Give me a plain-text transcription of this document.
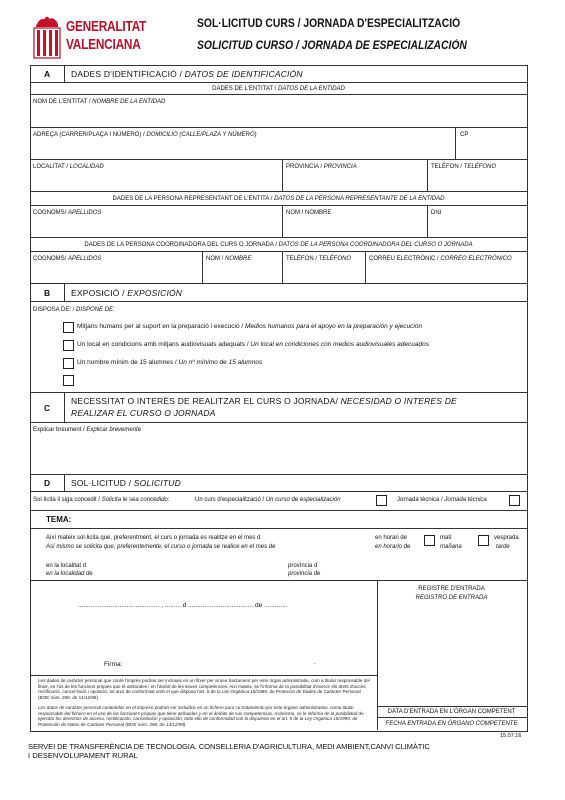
GENERALITAT
VALENCIANA
SOL·LICITUD CURS / JORNADA D'ESPECIALITZACIÓ
SOLICITUD CURSO / JORNADA DE ESPECIALIZACIÓN
A DADES D'IDENTIFICACIÓ / DATOS DE IDENTIFICACIÓN
DADES DE L'ENTITAT / DATOS DE LA ENTIDAD
NOM DE L'ENTITAT / NOMBRE DE LA ENTIDAD
ADREÇA (CARRER/PLAÇA I NÚMERO) / DOMICILIO (CALLE/PLAZA Y NÚMERO)	CP
LOCALITAT / LOCALIDAD	PROVINCIA / PROVINCIA	TELÈFON / TELÉFONO
DADES DE LA PERSONA REPRESENTANT DE L'ENTITA / DATOS DE LA PERSONA REPRESENTANTE DE LA ENTIDAD
COGNOMS/ APELLIDOS	NOM / NOMBRE	DNI
DADES DE LA PERSONA COORDINADORA DEL CURS O JORNADA / DATOS DE LA PERSONA COORDINADORA DEL CURSO O JORNADA
COGNOMS/ APELLIDOS	NOM / NOMBRE	TELÈFON / TELÉFONO	CORREU ELECTRÒNIC / CORREO ELECTRÓNICO
B EXPOSICIÓ / EXPOSICIÓN
DISPOSA DE: / DISPONE DE:
Mitjans humans per al suport en la preparació i execució / Medios humanos para el apoyo en la preparación y ejecución
Un local en condicions amb mitjans audiovisuals adequats / Un local en condiciones con medios audiovisuales adecuados
Un nombre mínim de 15 alumnes / Un nº mínimo de 15 alumnos
C
NECESSITAT O INTERÈS DE REALITZAR EL CURS O JORNADA/ NECESIDAD O INTERES DE
REALIZAR EL CURSO O JORNADA
Explicar breument / Explicar brevemente
D SOL·LICITUD / SOLICITUD
Sol·licita li siga concedit / Solicita le sea concedido:	Un curs d'especialització / Un curso de especialización	Jornada tècnica / Jornada técnica
TEMA:
Així mateix sol·licita que, preferentment, el curs o jornada es realitze en el mes d
Así mismo se solicita que, preferentemente, el curso o jornada se realice en el mes de
en horari de
en horario de
matí
mañana
vesprada
tarde
en la localitat d
en la localidad de
província d
provincia de
............................................. , ......... d .................................... de .............
Firma:	.
Les dades de caràcter personal que conté l'imprès podran ser incloses en un fitxer per al seu tractament per este òrgan administratiu, com a titular responsable del fitxer, en l'ús de les funcions pròpies que té atribuïdes i en l'àmbit de les seues competències. Així mateix, se l'informa de la possibilitat d'exercir els drets d'accés, rectificació, cancel·lació i oposició, tot això de conformitat amb el que disposa l'art. 5 de la Llei Orgànica 15/1999, de Protecció de Dades de Caràcter Personal (BOE núm. 298, de 14/12/99)
Los datos de carácter personal contenidos en el impreso podrán ser incluidos en un fichero para su tratamiento por este órgano administrativo, como titular responsable del fichero en el uso de las funciones propias que tiene atribuidas y en el ámbito de sus competencias. Asimismo, se le informa de la posibilidad de ejercitar los derechos de acceso, rectificación, cancelación y oposición, todo ello de conformidad con lo dispuesto en el art. 5 de la Ley Orgánica 15/1999, de Protección de Datos de Carácter Personal (BOE núm. 298, de 14/12/99)
REGISTRE D'ENTRADA
REGISTRO DE ENTRADA
DATA D'ENTRADA EN L'ÒRGAN COMPETENT
FECHA ENTRADA EN ÓRGANO COMPETENTE
15.07.16
SERVEI DE TRANSFERÈNCIA DE TECNOLOGIA. CONSELLERIA D'AGRICULTURA, MEDI AMBIENT,CANVI CLIMÀTIC
I DESENVOLUPAMENT RURAL
